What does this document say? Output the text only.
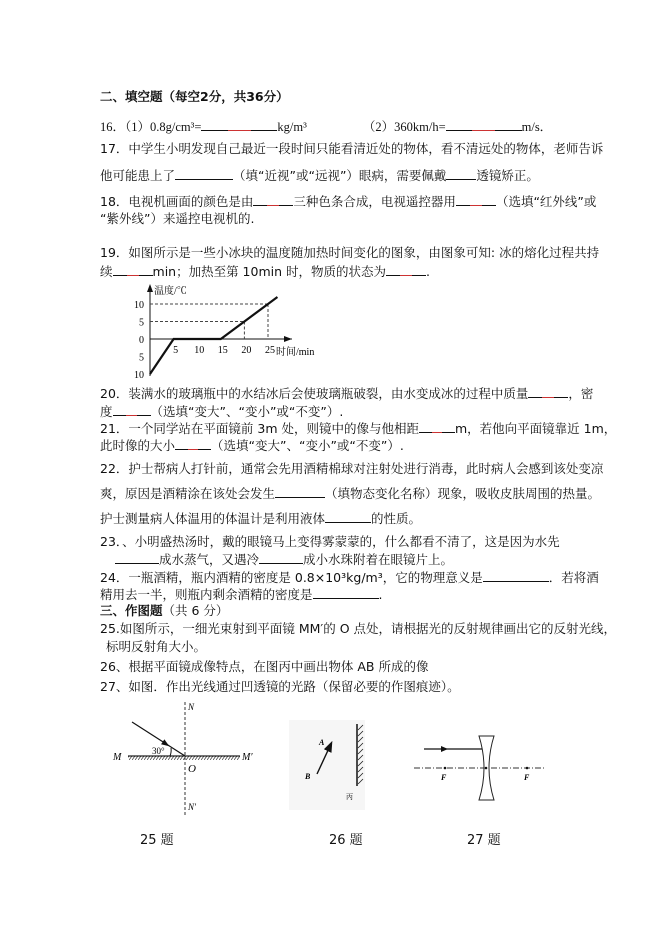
二、填空题（每空2分，共36分）
16．（1）0.8g/cm³=	kg/m³	（2）360km/h=	m/s．
17．中学生小明发现自己最近一段时间只能看清近处的物体，看不清远处的物体，老师告诉
他可能患上了	（填“近视”或“远视”）眼病，需要佩戴 透镜矫正。
18．电视机画面的颜色是由	三种色条合成，电视遥控器用	（选填“红外线”或
“紫外线”）来遥控电视机的.
19．如图所示是一些小冰块的温度随加热时间变化的图象，由图象可知: 冰的熔化过程共持
续	min；加热至第 10min 时，物质的状态为	.
10
5
0
5
10
5 10 15 20 25
温度/℃
时间/min
20．装满水的玻璃瓶中的水结冰后会使玻璃瓶破裂，由水变成冰的过程中质量	，密
度	（选填“变大”、“变小”或“不变”）.
21．一个同学站在平面镜前 3m 处，则镜中的像与他相距	m，若他向平面镜靠近 1m，
此时像的大小	（选填“变大”、“变小”或“不变”）.
22．护士帮病人打针前，通常会先用酒精棉球对注射处进行消毒，此时病人会感到该处变凉
爽，原因是酒精涂在该处会发生	（填物态变化名称）现象，吸收皮肤周围的热量。
护士测量病人体温用的体温计是利用液体	的性质。
23．、小明盛热汤时，戴的眼镜马上变得雾蒙蒙的，什么都看不清了，这是因为水先
成水蒸气，又遇冷	成小水珠附着在眼镜片上。
24．一瓶酒精，瓶内酒精的密度是 0.8×10³kg/m³，它的物理意义是	．若将酒
精用去一半，则瓶内剩余酒精的密度是	.
三、作图题（共 6 分）
25.如图所示，一细光束射到平面镜 MM′的 O 点处，请根据光的反射规律画出它的反射光线，
标明反射角大小。
26、根据平面镜成像特点，在图丙中画出物体 AB 所成的像
27、如图．作出光线通过凹透镜的光路（保留必要的作图痕迹）。
N
N′
M	M′
O
30°
A
B
丙
F	F
25 题	26 题	27 题
